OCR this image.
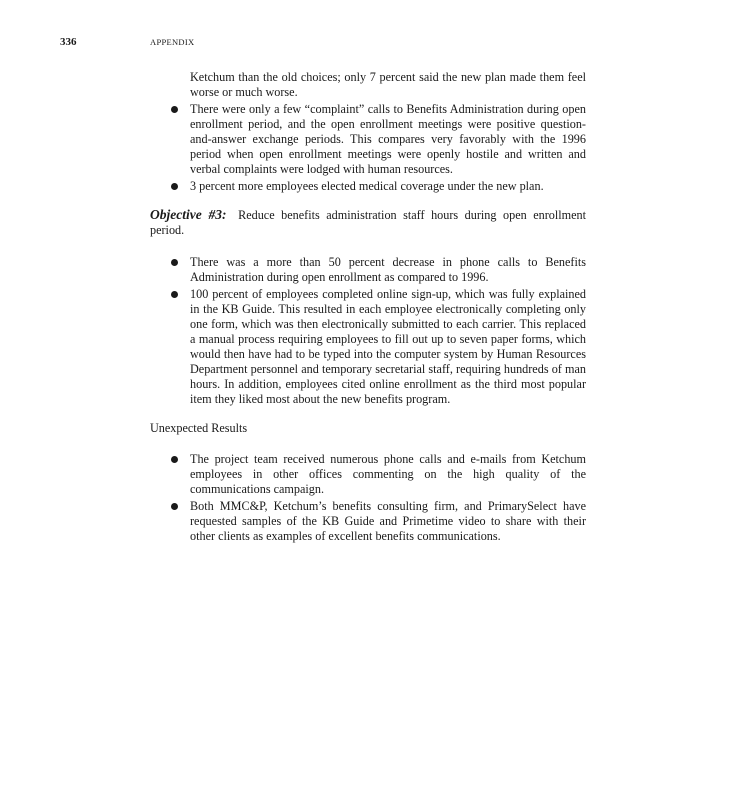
336	APPENDIX

Ketchum than the old choices; only 7 percent said the new plan made them feel worse or much worse.

There were only a few “complaint” calls to Benefits Administration during open enrollment period, and the open enrollment meetings were positive question-and-answer exchange periods. This compares very favorably with the 1996 period when open enrollment meetings were openly hostile and written and verbal complaints were lodged with human resources.
3 percent more employees elected medical coverage under the new plan.

Objective #3: Reduce benefits administration staff hours during open enrollment period.

There was a more than 50 percent decrease in phone calls to Benefits Administration during open enrollment as compared to 1996.
100 percent of employees completed online sign-up, which was fully explained in the KB Guide. This resulted in each employee electronically completing only one form, which was then electronically submitted to each carrier. This replaced a manual process requiring employees to fill out up to seven paper forms, which would then have had to be typed into the computer system by Human Resources Department personnel and temporary secretarial staff, requiring hundreds of man hours. In addition, employees cited online enrollment as the third most popular item they liked most about the new benefits program.

Unexpected Results

The project team received numerous phone calls and e-mails from Ketchum employees in other offices commenting on the high quality of the communications campaign.
Both MMC&P, Ketchum’s benefits consulting firm, and PrimarySelect have requested samples of the KB Guide and Primetime video to share with their other clients as examples of excellent benefits communications.
